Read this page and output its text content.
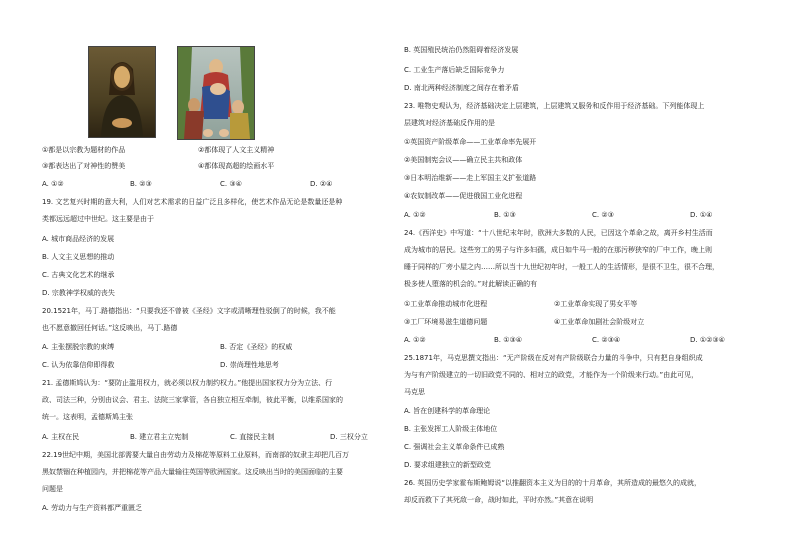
①都是以宗教为题材的作品	②都体现了人文主义精神
③都表达出了对神性的赞美	④都体现高超的绘画水平
A. ①②	B. ②③	C. ③④	D. ②④
19. 文艺复兴时期的意大利，人们对艺术需求的日益广泛且多样化，使艺术作品无论是数量还是种
类都远远超过中世纪。这主要是由于
A. 城市商品经济的发展
B. 人文主义思想的推动
C. 古典文化艺术的继承
D. 宗教神学权威的丧失
20.1521年，马丁.路德指出：“只要我还不曾被《圣经》文字或清晰理性驳倒了的时候，我不能
也不愿意撤回任何话。”这反映出，马丁.路德
A. 主张摆脱宗教的束缚	B. 否定《圣经》的权威
C. 认为依靠信仰即得救	D. 崇尚理性地思考
21. 孟德斯鸠认为：“要防止滥用权力，就必须以权力制约权力。”他提出国家权力分为立法、行
政、司法三种，分别由议会、君主、法院三家掌管，各自独立相互牵制，彼此平衡，以维系国家的
统一。这表明，孟德斯鸠主张
A. 主权在民	B. 建立君主立宪制	C. 直接民主制	D. 三权分立
22.19世纪中期，美国北部需要大量自由劳动力及棉花等原料工业原料，而南部的奴隶主却把几百万
黑奴禁锢在种植园内，并把棉花等产品大量输往英国等欧洲国家。这反映出当时的美国面临的主要
问题是
A. 劳动力与生产资料都严重匮乏
B. 英国殖民统治仍然阻碍着经济发展
C. 工业生产落后缺乏国际竞争力
D. 南北两种经济制度之间存在着矛盾
23. 唯物史观认为，经济基础决定上层建筑，上层建筑又服务和反作用于经济基础。下列能体现上
层建筑对经济基础反作用的是
①英国资产阶级革命——工业革命率先展开
②美国制宪会议——确立民主共和政体
③日本明治维新——走上军国主义扩张道路
④农奴制改革——促进俄国工业化进程
A. ①②	B. ①③	C. ②③	D. ①④
24.《西洋史》中写道：“十八世纪末年时，欧洲大多数的人民，已因这个革命之故，离开乡村生活而
成为城市的居民。这些穷工的男子与许多妇孺，成日如牛马一般的在那污秽狭窄的厂中工作，晚上则
睡于同样的厂旁小屋之内……所以当十九世纪初年时，一般工人的生活情形，是很不卫生，很不合理，
极多使人堕落的机会的。”对此解读正确的有
①工业革命推动城市化进程	②工业革命实现了男女平等
③工厂环境易滋生道德问题	④工业革命加剧社会阶级对立
A. ①②	B. ①③④	C. ②③④	D. ①②③④
25.1871年，马克思撰文指出：“无产阶级在反对有产阶级联合力量的斗争中，只有把自身组织成
为与有产阶级建立的一切旧政党不同的、相对立的政党，才能作为一个阶级来行动。”由此可见，
马克思
A. 旨在创建科学的革命理论
B. 主张发挥工人阶级主体地位
C. 强调社会主义革命条件已成熟
D. 要求组建独立的新型政党
26. 英国历史学家霍布斯鲍姆说“以推翻资本主义为目的的十月革命，其所造成的最悠久的成就，
却反而救下了其死敌一命，战时如此，平时亦然。”其意在说明
